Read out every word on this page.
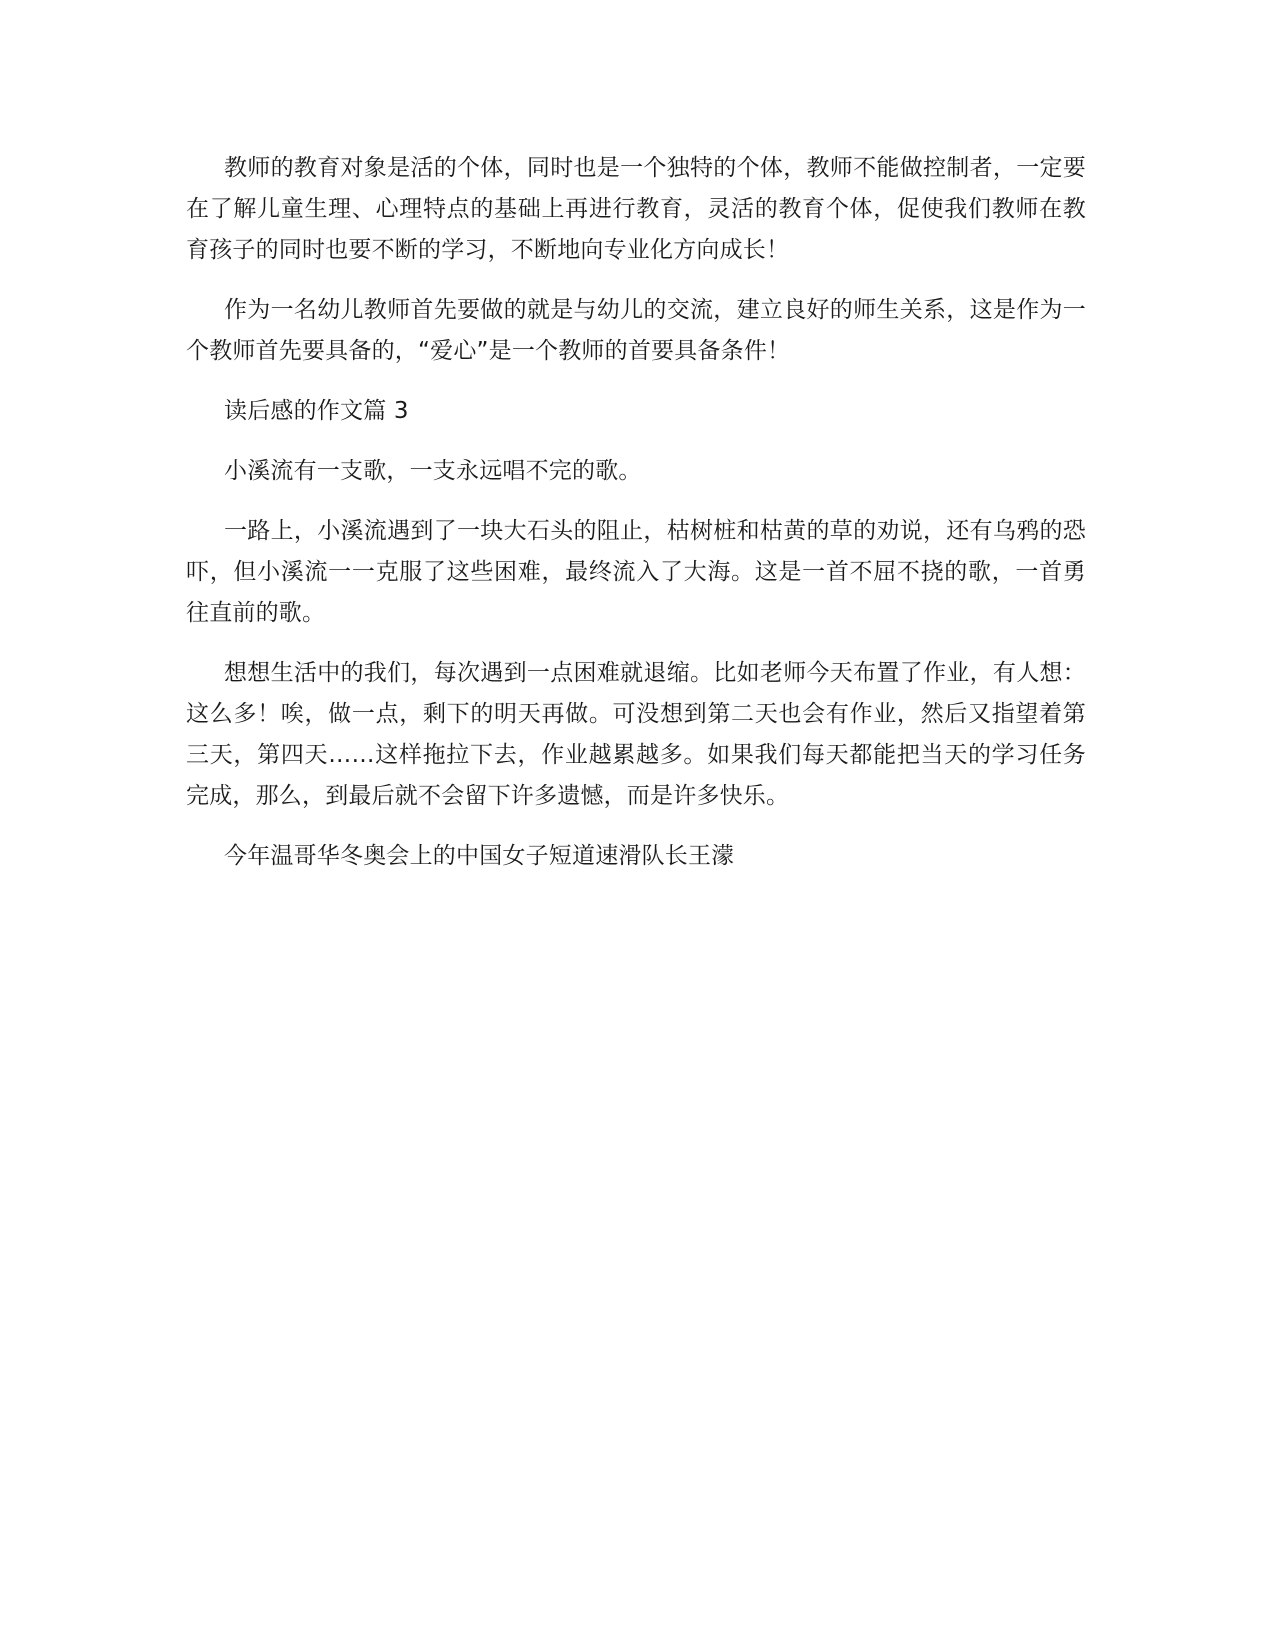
教师的教育对象是活的个体，同时也是一个独特的个体，教师不能做控制者，一定要在了解儿童生理、心理特点的基础上再进行教育，灵活的教育个体，促使我们教师在教育孩子的同时也要不断的学习，不断地向专业化方向成长！

作为一名幼儿教师首先要做的就是与幼儿的交流，建立良好的师生关系，这是作为一个教师首先要具备的，“爱心”是一个教师的首要具备条件！

读后感的作文篇 3

小溪流有一支歌，一支永远唱不完的歌。

一路上，小溪流遇到了一块大石头的阻止，枯树桩和枯黄的草的劝说，还有乌鸦的恐吓，但小溪流一一克服了这些困难，最终流入了大海。这是一首不屈不挠的歌，一首勇往直前的歌。

想想生活中的我们，每次遇到一点困难就退缩。比如老师今天布置了作业，有人想：这么多！唉，做一点，剩下的明天再做。可没想到第二天也会有作业，然后又指望着第三天，第四天……这样拖拉下去，作业越累越多。如果我们每天都能把当天的学习任务完成，那么，到最后就不会留下许多遗憾，而是许多快乐。

今年温哥华冬奥会上的中国女子短道速滑队长王濛
